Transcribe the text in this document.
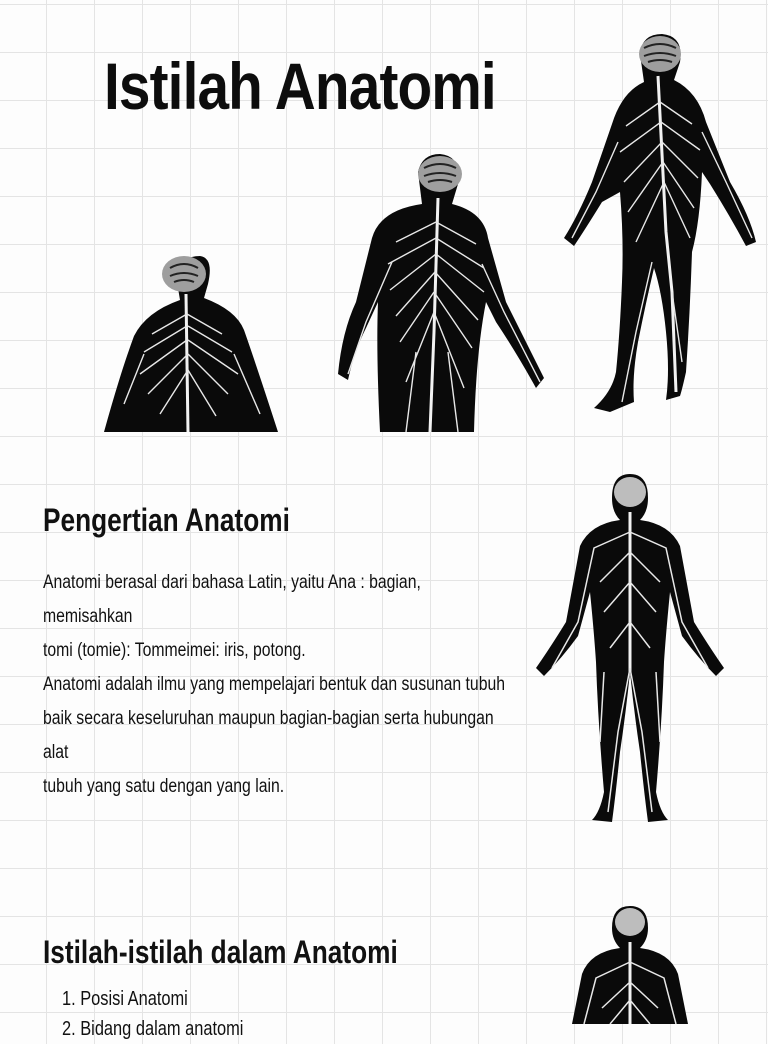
Istilah Anatomi
Pengertian Anatomi

Anatomi berasal dari bahasa Latin, yaitu Ana : bagian, memisahkan

tomi (tomie): Tommeimei: iris, potong.

Anatomi adalah ilmu yang mempelajari bentuk dan susunan tubuh

baik secara keseluruhan maupun bagian-bagian serta hubungan alat

tubuh yang satu dengan yang lain.

Istilah-istilah dalam Anatomi
1. Posisi Anatomi
2. Bidang dalam anatomi
